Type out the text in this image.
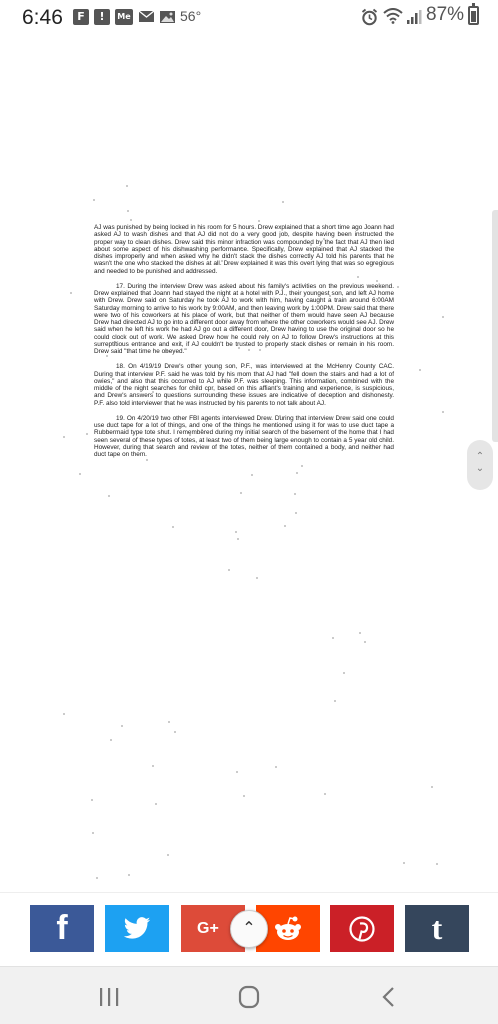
6:46	F	!	Me	56°	87%

AJ was punished by being locked in his room for 5 hours. Drew explained that a short time ago Joann had asked AJ to wash dishes and that AJ did not do a very good job, despite having been instructed the proper way to clean dishes. Drew said this minor infraction was compounded by the fact that AJ then lied about some aspect of his dishwashing performance. Specifically, Drew explained that AJ stacked the dishes improperly and when asked why he didn't stack the dishes correctly AJ told his parents that he wasn't the one who stacked the dishes at all. Drew explained it was this overt lying that was so egregious and needed to be punished and addressed.

17. During the interview Drew was asked about his family's activities on the previous weekend. Drew explained that Joann had stayed the night at a hotel with P.J., their youngest son, and left AJ home with Drew. Drew said on Saturday he took AJ to work with him, having caught a train around 6:00AM Saturday morning to arrive to his work by 9:00AM, and then leaving work by 1:00PM. Drew said that there were two of his coworkers at his place of work, but that neither of them would have seen AJ because Drew had directed AJ to go into a different door away from where the other coworkers would see AJ. Drew said when he left his work he had AJ go out a different door, Drew having to use the original door so he could clock out of work. We asked Drew how he could rely on AJ to follow Drew's instructions at this surreptitious entrance and exit, if AJ couldn't be trusted to properly stack dishes or remain in his room. Drew said "that time he obeyed."

18. On 4/19/19 Drew's other young son, P.F., was interviewed at the McHenry County CAC. During that interview P.F. said he was told by his mom that AJ had "fell down the stairs and had a lot of owies," and also that this occurred to AJ while P.F. was sleeping. This information, combined with the middle of the night searches for child cpr, based on this affiant's training and experience, is suspicious, and Drew's answers to questions surrounding these issues are indicative of deception and dishonesty. P.F. also told interviewer that he was instructed by his parents to not talk about AJ.

19. On 4/20/19 two other FBI agents interviewed Drew. During that interview Drew said one could use duct tape for a lot of things, and one of the things he mentioned using it for was to use duct tape a Rubbermaid type tote shut. I remembered during my initial search of the basement of the home that I had seen several of these types of totes, at least two of them being large enough to contain a 5 year old child. However, during that search and review of the totes, neither of them contained a body, and neither had duct tape on them.	⌃
⌄
f	G+	t
⌃
